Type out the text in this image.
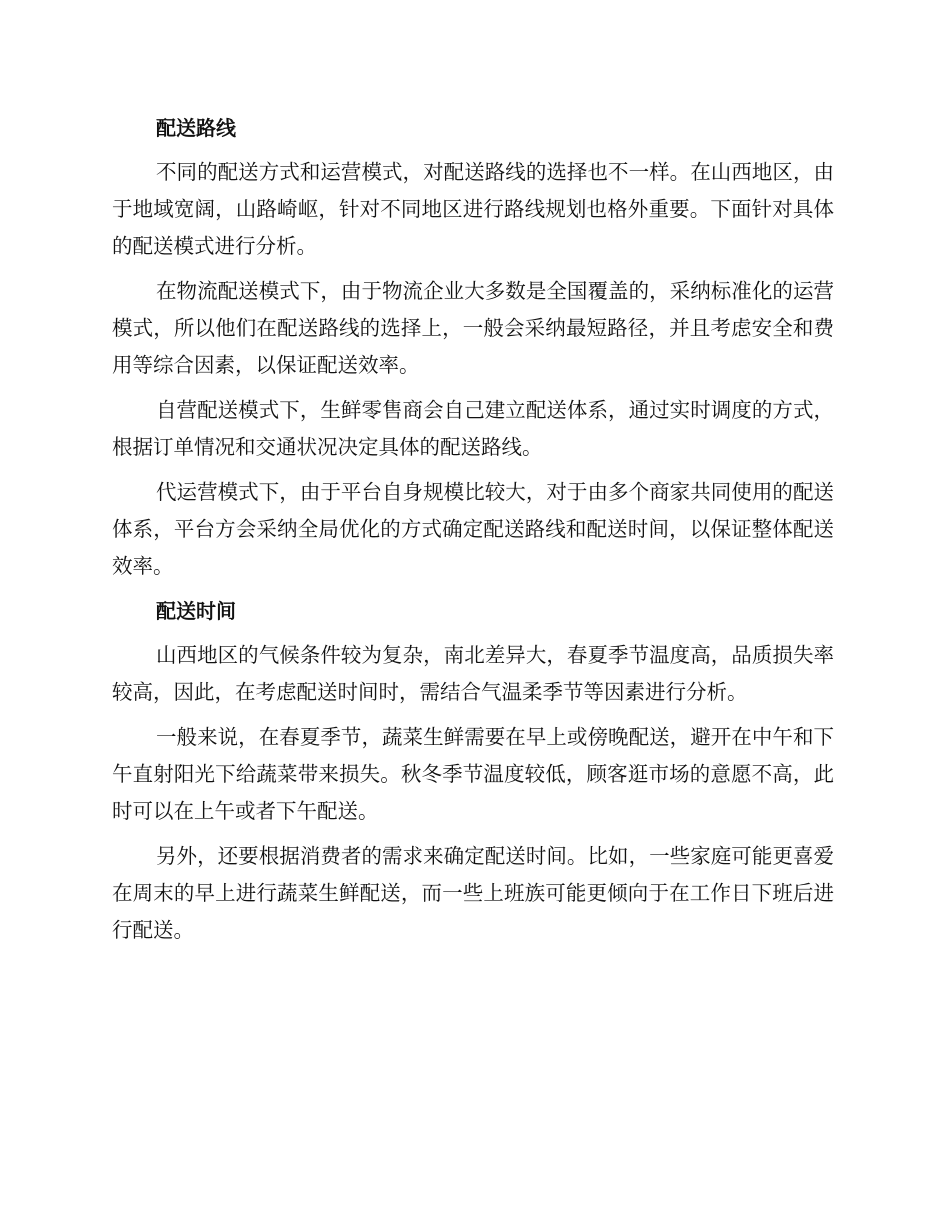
配送路线

不同的配送方式和运营模式，对配送路线的选择也不一样。在山西地区，由于地域宽阔，山路崎岖，针对不同地区进行路线规划也格外重要。下面针对具体的配送模式进行分析。

在物流配送模式下，由于物流企业大多数是全国覆盖的，采纳标准化的运营模式，所以他们在配送路线的选择上，一般会采纳最短路径，并且考虑安全和费用等综合因素，以保证配送效率。

自营配送模式下，生鲜零售商会自己建立配送体系，通过实时调度的方式，根据订单情况和交通状况决定具体的配送路线。

代运营模式下，由于平台自身规模比较大，对于由多个商家共同使用的配送体系，平台方会采纳全局优化的方式确定配送路线和配送时间，以保证整体配送效率。

配送时间

山西地区的气候条件较为复杂，南北差异大，春夏季节温度高，品质损失率较高，因此，在考虑配送时间时，需结合气温柔季节等因素进行分析。

一般来说，在春夏季节，蔬菜生鲜需要在早上或傍晚配送，避开在中午和下午直射阳光下给蔬菜带来损失。秋冬季节温度较低，顾客逛市场的意愿不高，此时可以在上午或者下午配送。

另外，还要根据消费者的需求来确定配送时间。比如，一些家庭可能更喜爱在周末的早上进行蔬菜生鲜配送，而一些上班族可能更倾向于在工作日下班后进行配送。
